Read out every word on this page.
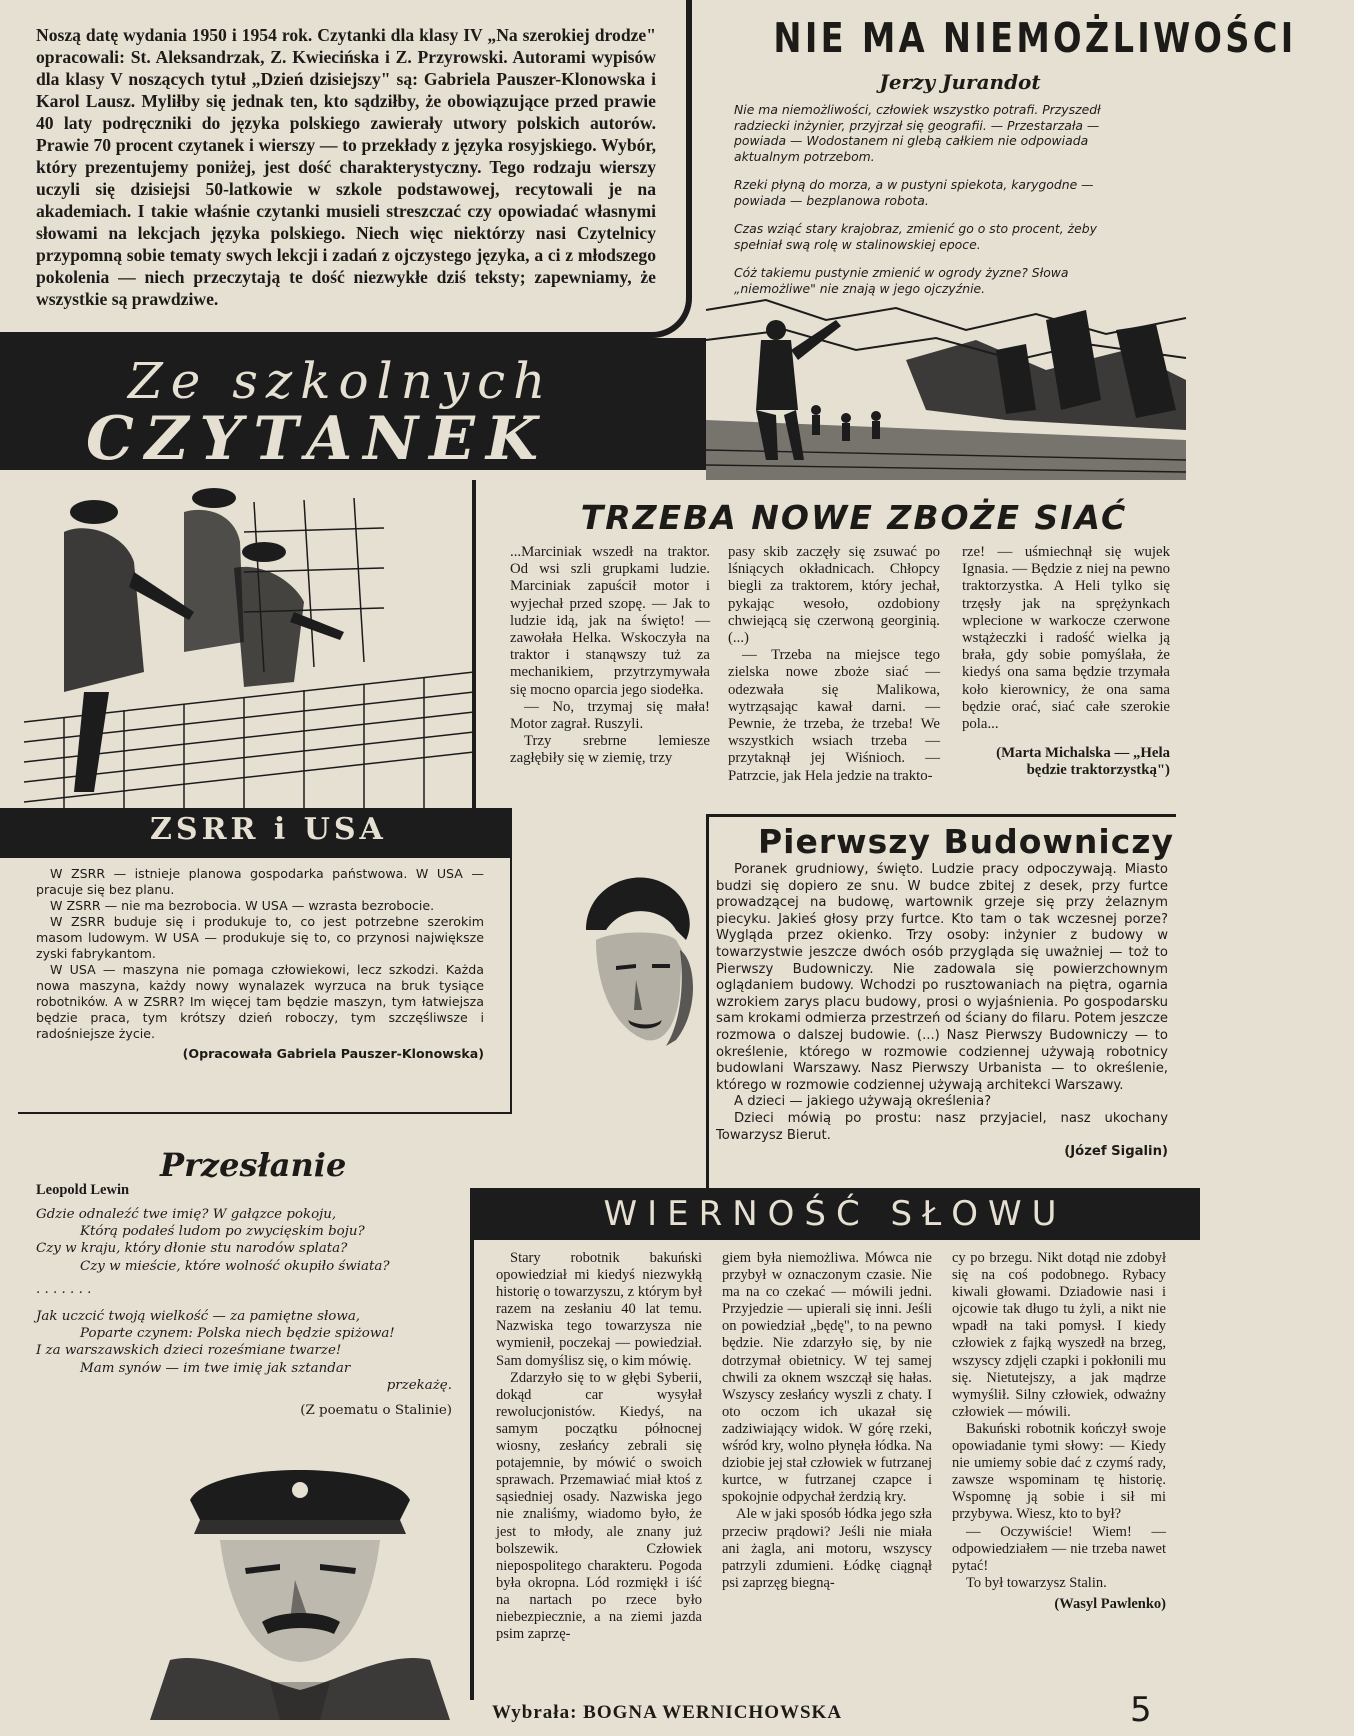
Noszą datę wydania 1950 i 1954 rok. Czytanki dla klasy IV „Na szerokiej drodze" opracowali: St. Aleksandrzak, Z. Kwiecińska i Z. Przyrowski. Autorami wypisów dla klasy V noszących tytuł „Dzień dzisiejszy" są: Gabriela Pauszer-Klonowska i Karol Lausz. Myliłby się jednak ten, kto sądziłby, że obowiązujące przed prawie 40 laty podręczniki do języka polskiego zawierały utwory polskich autorów. Prawie 70 procent czytanek i wierszy — to przekłady z języka rosyjskiego. Wybór, który prezentujemy poniżej, jest dość charakterystyczny. Tego rodzaju wierszy uczyli się dzisiejsi 50-latkowie w szkole podstawowej, recytowali je na akademiach. I takie właśnie czytanki musieli streszczać czy opowiadać własnymi słowami na lekcjach języka polskiego. Niech więc niektórzy nasi Czytelnicy przypomną sobie tematy swych lekcji i zadań z ojczystego języka, a ci z młodszego pokolenia — niech przeczytają te dość niezwykłe dziś teksty; zapewniamy, że wszystkie są prawdziwe.

Ze szkolnych
CZYTANEK
NIE MA NIEMOŻLIWOŚCI
Jerzy Jurandot

Nie ma niemożliwości, człowiek wszystko potrafi. Przyszedł radziecki inżynier, przyjrzał się geografii. — Przestarzała — powiada — Wodostanem ni glebą całkiem nie odpowiada aktualnym potrzebom.

Rzeki płyną do morza, a w pustyni spiekota, karygodne — powiada — bezplanowa robota.

Czas wziąć stary krajobraz, zmienić go o sto procent, żeby spełniał swą rolę w stalinowskiej epoce.

Cóż takiemu pustynie zmienić w ogrody żyzne? Słowa „niemożliwe" nie znają w jego ojczyźnie.

TRZEBA NOWE ZBOŻE SIAĆ

...Marciniak wszedł na traktor. Od wsi szli grupkami ludzie. Marciniak zapuścił motor i wyjechał przed szopę. — Jak to ludzie idą, jak na święto! — zawołała Helka. Wskoczyła na traktor i stanąwszy tuż za mechanikiem, przytrzymywała się mocno oparcia jego siodełka.

— No, trzymaj się mała! Motor zagrał. Ruszyli.

Trzy srebrne lemiesze zagłębiły się w ziemię, trzy

pasy skib zaczęły się zsuwać po lśniących okładnicach. Chłopcy biegli za traktorem, który jechał, pykając wesoło, ozdobiony chwiejącą się czerwoną georginią. (...)

— Trzeba na miejsce tego zielska nowe zboże siać — odezwała się Malikowa, wytrząsając kawał darni. — Pewnie, że trzeba, że trzeba! We wszystkich wsiach trzeba — przytaknął jej Wiśnioch. — Patrzcie, jak Hela jedzie na trakto-

rze! — uśmiechnął się wujek Ignasia. — Będzie z niej na pewno traktorzystka. A Heli tylko się trzęsły jak na sprężynkach wplecione w warkocze czerwone wstążeczki i radość wielka ją brała, gdy sobie pomyślała, że kiedyś ona sama będzie trzymała koło kierownicy, że ona sama będzie orać, siać całe szerokie pola...

(Marta Michalska — „Hela będzie traktorzystką")

ZSRR i USA

W ZSRR — istnieje planowa gospodarka państwowa. W USA — pracuje się bez planu.

W ZSRR — nie ma bezrobocia. W USA — wzrasta bezrobocie.

W ZSRR buduje się i produkuje to, co jest potrzebne szerokim masom ludowym. W USA — produkuje się to, co przynosi największe zyski fabrykantom.

W USA — maszyna nie pomaga człowiekowi, lecz szkodzi. Każda nowa maszyna, każdy nowy wynalazek wyrzuca na bruk tysiące robotników. A w ZSRR? Im więcej tam będzie maszyn, tym łatwiejsza będzie praca, tym krótszy dzień roboczy, tym szczęśliwsze i radośniejsze życie.

(Opracowała Gabriela Pauszer-Klonowska)

Pierwszy Budowniczy

Poranek grudniowy, święto. Ludzie pracy odpoczywają. Miasto budzi się dopiero ze snu. W budce zbitej z desek, przy furtce prowadzącej na budowę, wartownik grzeje się przy żelaznym piecyku. Jakieś głosy przy furtce. Kto tam o tak wczesnej porze? Wygląda przez okienko. Trzy osoby: inżynier z budowy w towarzystwie jeszcze dwóch osób przygląda się uważniej — toż to Pierwszy Budowniczy. Nie zadowala się powierzchownym oglądaniem budowy. Wchodzi po rusztowaniach na piętra, ogarnia wzrokiem zarys placu budowy, prosi o wyjaśnienia. Po gospodarsku sam krokami odmierza przestrzeń od ściany do filaru. Potem jeszcze rozmowa o dalszej budowie. (...) Nasz Pierwszy Budowniczy — to określenie, którego w rozmowie codziennej używają robotnicy budowlani Warszawy. Nasz Pierwszy Urbanista — to określenie, którego w rozmowie codziennej używają architekci Warszawy.

A dzieci — jakiego używają określenia?

Dzieci mówią po prostu: nasz przyjaciel, nasz ukochany Towarzysz Bierut.

(Józef Sigalin)

WIERNOŚĆ SŁOWU

Stary robotnik bakuński opowiedział mi kiedyś niezwykłą historię o towarzyszu, z którym był razem na zesłaniu 40 lat temu. Nazwiska tego towarzysza nie wymienił, poczekaj — powiedział. Sam domyślisz się, o kim mówię.

Zdarzyło się to w głębi Syberii, dokąd car wysyłał rewolucjonistów. Kiedyś, na samym początku północnej wiosny, zesłańcy zebrali się potajemnie, by mówić o swoich sprawach. Przemawiać miał ktoś z sąsiedniej osady. Nazwiska jego nie znaliśmy, wiadomo było, że jest to młody, ale znany już bolszewik. Człowiek niepospolitego charakteru. Pogoda była okropna. Lód rozmiękł i iść na nartach po rzece było niebezpiecznie, a na ziemi jazda psim zaprzę-

giem była niemożliwa. Mówca nie przybył w oznaczonym czasie. Nie ma na co czekać — mówili jedni. Przyjedzie — upierali się inni. Jeśli on powiedział „będę", to na pewno będzie. Nie zdarzyło się, by nie dotrzymał obietnicy. W tej samej chwili za oknem wszczął się hałas. Wszyscy zesłańcy wyszli z chaty. I oto oczom ich ukazał się zadziwiający widok. W górę rzeki, wśród kry, wolno płynęła łódka. Na dziobie jej stał człowiek w futrzanej kurtce, w futrzanej czapce i spokojnie odpychał żerdzią kry.

Ale w jaki sposób łódka jego szła przeciw prądowi? Jeśli nie miała ani żagla, ani motoru, wszyscy patrzyli zdumieni. Łódkę ciągnął psi zaprzęg biegną-

cy po brzegu. Nikt dotąd nie zdobył się na coś podobnego. Rybacy kiwali głowami. Dziadowie nasi i ojcowie tak długo tu żyli, a nikt nie wpadł na taki pomysł. I kiedy człowiek z fajką wyszedł na brzeg, wszyscy zdjęli czapki i pokłonili mu się. Nietutejszy, a jak mądrze wymyślił. Silny człowiek, odważny człowiek — mówili.

Bakuński robotnik kończył swoje opowiadanie tymi słowy: — Kiedy nie umiemy sobie dać z czymś rady, zawsze wspominam tę historię. Wspomnę ją sobie i sił mi przybywa. Wiesz, kto to był?

— Oczywiście! Wiem! — odpowiedziałem — nie trzeba nawet pytać!

To był towarzysz Stalin.

(Wasyl Pawlenko)

Przesłanie
Leopold Lewin
Gdzie odnaleźć twe imię? W gałązce pokoju,
Którą podałeś ludom po zwycięskim boju?
Czy w kraju, który dłonie stu narodów splata?
Czy w mieście, które wolność okupiło świata?
. . . . . . .
Jak uczcić twoją wielkość — za pamiętne słowa,
Poparte czynem: Polska niech będzie spiżowa!
I za warszawskich dzieci roześmiane twarze!
Mam synów — im twe imię jak sztandar
przekażę.
(Z poematu o Stalinie)
Wybrała: BOGNA WERNICHOWSKA	5
